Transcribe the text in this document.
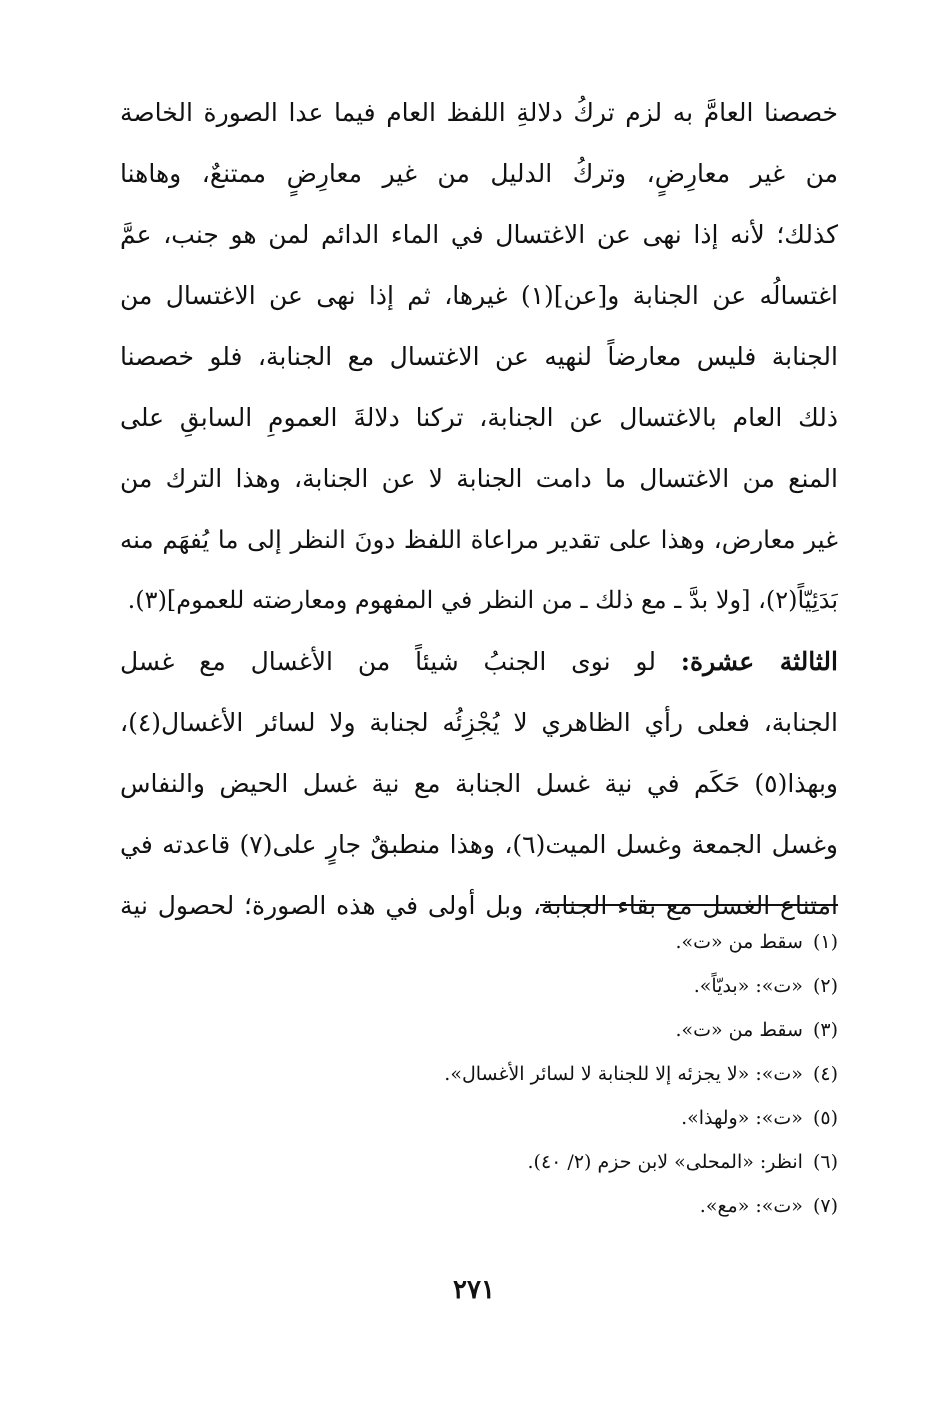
خصصنا العامَّ به لزم تركُ دلالةِ اللفظ العام فيما عدا الصورة الخاصة
من غير معارِضٍ، وتركُ الدليل من غير معارِضٍ ممتنعٌ، وهاهنا
كذلك؛ لأنه إذا نهى عن الاغتسال في الماء الدائم لمن هو جنب، عمَّ
اغتسالُه عن الجنابة و[عن](١) غيرها، ثم إذا نهى عن الاغتسال من
الجنابة فليس معارضاً لنهيه عن الاغتسال مع الجنابة، فلو خصصنا
ذلك العام بالاغتسال عن الجنابة، تركنا دلالةَ العمومِ السابقِ على
المنع من الاغتسال ما دامت الجنابة لا عن الجنابة، وهذا الترك من
غير معارض، وهذا على تقدير مراعاة اللفظ دونَ النظر إلى ما يُفهَم منه
بَدَئِيّاً(٢)، [ولا بدَّ ـ مع ذلك ـ من النظر في المفهوم ومعارضته للعموم](٣).
الثالثة عشرة: لو نوى الجنبُ شيئاً من الأغسال مع غسل
الجنابة، فعلى رأي الظاهري لا يُجْزِئُه لجنابة ولا لسائر الأغسال(٤)،
وبهذا(٥) حَكَم في نية غسل الجنابة مع نية غسل الحيض والنفاس
وغسل الجمعة وغسل الميت(٦)، وهذا منطبقٌ جارٍ على(٧) قاعدته في
امتناع الغسل مع بقاء الجنابة، وبل أولى في هذه الصورة؛ لحصول نية
(١)سقط من «ت».
(٢)«ت»: «بديّاً».
(٣)سقط من «ت».
(٤)«ت»: «لا يجزئه إلا للجنابة لا لسائر الأغسال».
(٥)«ت»: «ولهذا».
(٦)انظر: «المحلى» لابن حزم (٢/ ٤٠).
(٧)«ت»: «مع».
٢٧١
